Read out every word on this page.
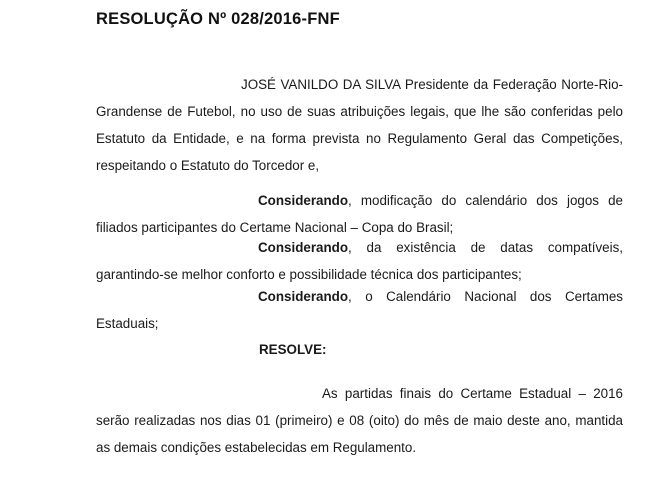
RESOLUÇÃO Nº 028/2016-FNF
JOSÉ VANILDO DA SILVA Presidente da Federação Norte-Rio-Grandense de Futebol, no uso de suas atribuições legais, que lhe são conferidas pelo Estatuto da Entidade, e na forma prevista no Regulamento Geral das Competições, respeitando o Estatuto do Torcedor e,
Considerando, modificação do calendário dos jogos de filiados participantes do Certame Nacional – Copa do Brasil;
Considerando, da existência de datas compatíveis, garantindo-se melhor conforto e possibilidade técnica dos participantes;
Considerando, o Calendário Nacional dos Certames Estaduais;
RESOLVE:
As partidas finais do Certame Estadual – 2016 serão realizadas nos dias 01 (primeiro) e 08 (oito) do mês de maio deste ano, mantida as demais condições estabelecidas em Regulamento.
